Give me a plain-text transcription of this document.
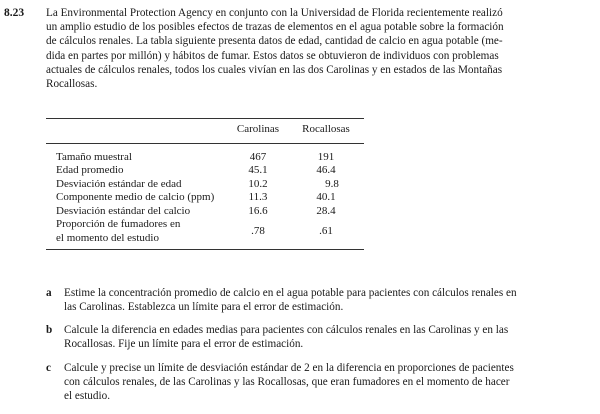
8.23 La Environmental Protection Agency en conjunto con la Universidad de Florida recientemente realizó
un amplio estudio de los posibles efectos de trazas de elementos en el agua potable sobre la formación
de cálculos renales. La tabla siguiente presenta datos de edad, cantidad de calcio en agua potable (me-
dida en partes por millón) y hábitos de fumar. Estos datos se obtuvieron de individuos con problemas
actuales de cálculos renales, todos los cuales vivían en las dos Carolinas y en estados de las Montañas
Rocallosas.
	Carolinas	Rocallosas
Tamaño muestral	467	191
Edad promedio	45.1	46.4
Desviación estándar de edad	10.2	9.8
Componente medio de calcio (ppm)	11.3	40.1
Desviación estándar del calcio	16.6	28.4

Proporción de fumadores en
el momento del estudio	.78	.61
a Estime la concentración promedio de calcio en el agua potable para pacientes con cálculos renales en
las Carolinas. Establezca un límite para el error de estimación.
b Calcule la diferencia en edades medias para pacientes con cálculos renales en las Carolinas y en las
Rocallosas. Fije un límite para el error de estimación.
c Calcule y precise un límite de desviación estándar de 2 en la diferencia en proporciones de pacientes
con cálculos renales, de las Carolinas y las Rocallosas, que eran fumadores en el momento de hacer
el estudio.
